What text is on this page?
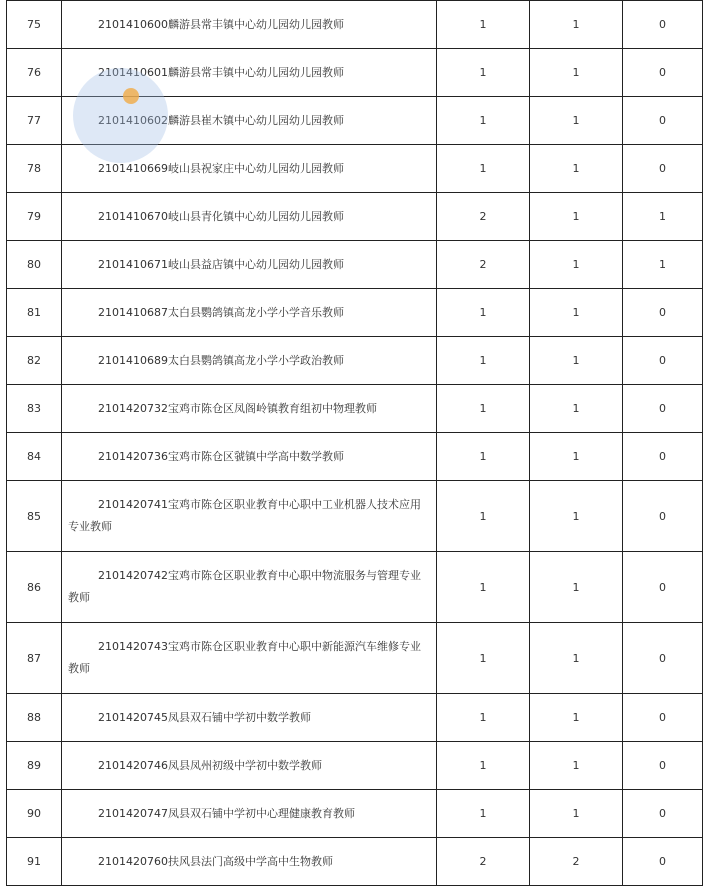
75	2101410600麟游县常丰镇中心幼儿园幼儿园教师	1	1	0
76	2101410601麟游县常丰镇中心幼儿园幼儿园教师	1	1	0
77	2101410602麟游县崔木镇中心幼儿园幼儿园教师	1	1	0
78	2101410669岐山县祝家庄中心幼儿园幼儿园教师	1	1	0
79	2101410670岐山县青化镇中心幼儿园幼儿园教师	2	1	1
80	2101410671岐山县益店镇中心幼儿园幼儿园教师	2	1	1
81	2101410687太白县鹦鸽镇高龙小学小学音乐教师	1	1	0
82	2101410689太白县鹦鸽镇高龙小学小学政治教师	1	1	0
83	2101420732宝鸡市陈仓区凤阁岭镇教育组初中物理教师	1	1	0
84	2101420736宝鸡市陈仓区虢镇中学高中数学教师	1	1	0
85	2101420741宝鸡市陈仓区职业教育中心职中工业机器人技术应用专业教师	1	1	0
86	2101420742宝鸡市陈仓区职业教育中心职中物流服务与管理专业教师	1	1	0
87	2101420743宝鸡市陈仓区职业教育中心职中新能源汽车维修专业教师	1	1	0
88	2101420745凤县双石铺中学初中数学教师	1	1	0
89	2101420746凤县凤州初级中学初中数学教师	1	1	0
90	2101420747凤县双石铺中学初中心理健康教育教师	1	1	0
91	2101420760扶风县法门高级中学高中生物教师	2	2	0
